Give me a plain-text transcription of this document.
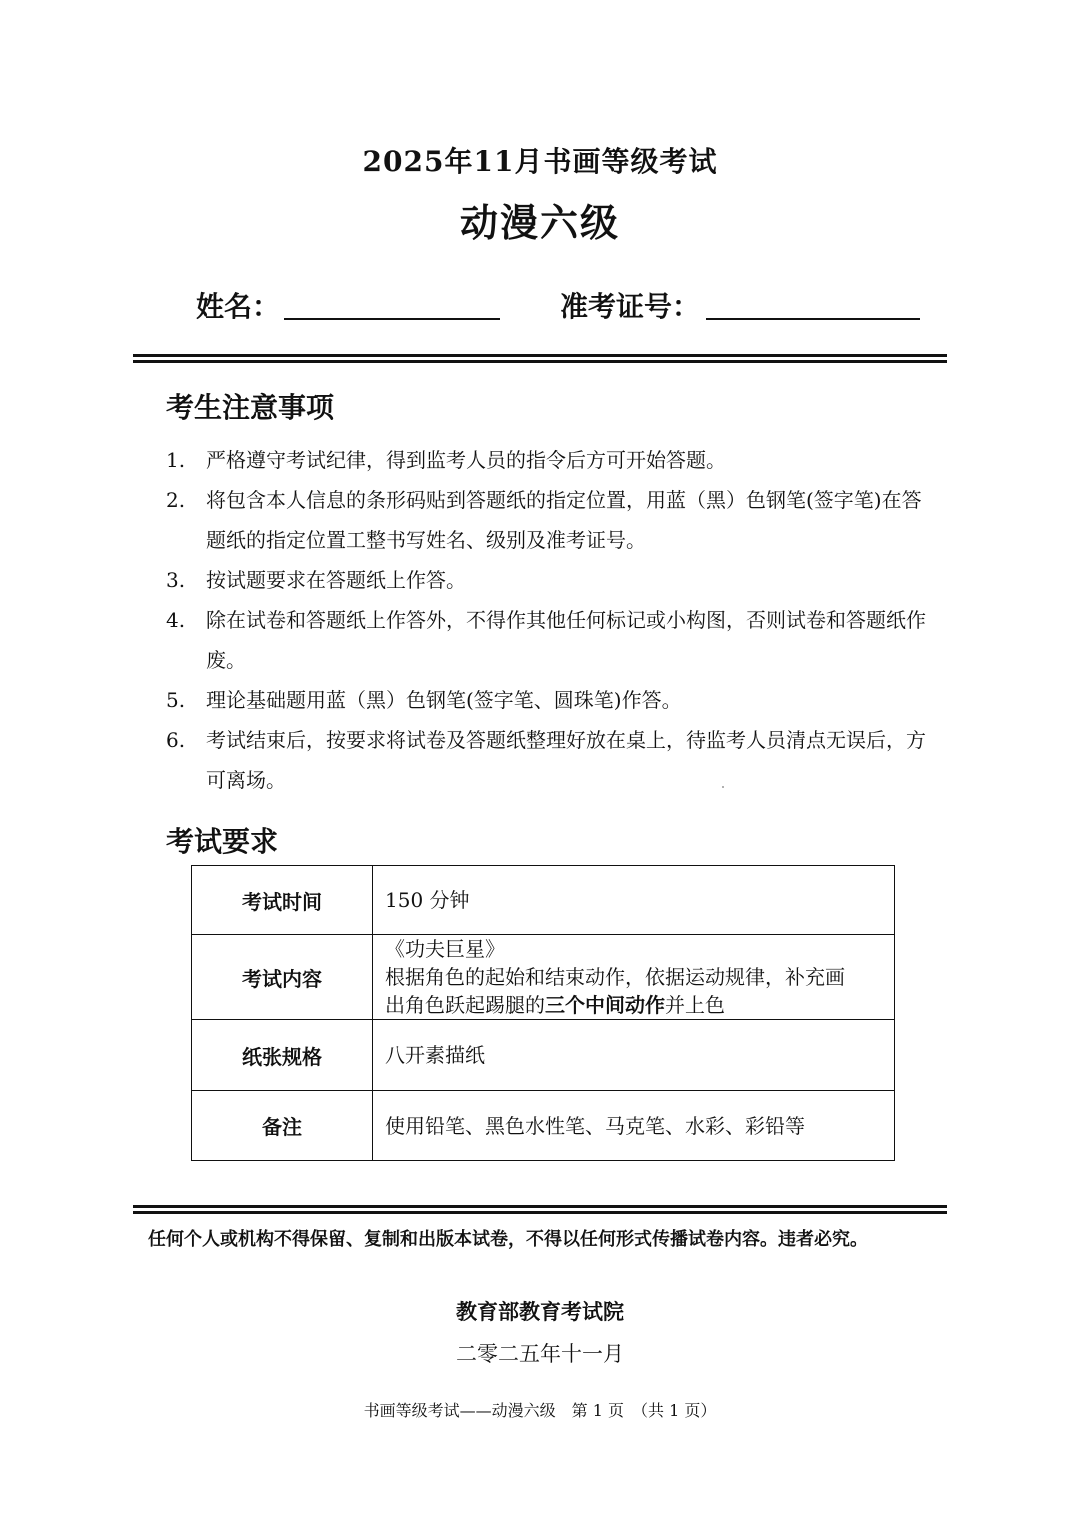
2025年11月书画等级考试
动漫六级
姓名：	准考证号：
考生注意事项
1.	严格遵守考试纪律，得到监考人员的指令后方可开始答题。
2.	将包含本人信息的条形码贴到答题纸的指定位置，用蓝（黑）色钢笔(签字笔)在答题纸的指定位置工整书写姓名、级别及准考证号。
3.	按试题要求在答题纸上作答。
4.	除在试卷和答题纸上作答外，不得作其他任何标记或小构图，否则试卷和答题纸作废。
5.	理论基础题用蓝（黑）色钢笔(签字笔、圆珠笔)作答。
6.	考试结束后，按要求将试卷及答题纸整理好放在桌上，待监考人员清点无误后，方可离场。
考试要求
考试时间	150 分钟
考试内容	《功夫巨星》
根据角色的起始和结束动作，依据运动规律，补充画
出角色跃起踢腿的三个中间动作并上色

纸张规格	八开素描纸
备注	使用铅笔、黑色水性笔、马克笔、水彩、彩铅等
任何个人或机构不得保留、复制和出版本试卷，不得以任何形式传播试卷内容。违者必究。
教育部教育考试院
二零二五年十一月
书画等级考试——动漫六级　第 1 页　（共 1 页）
